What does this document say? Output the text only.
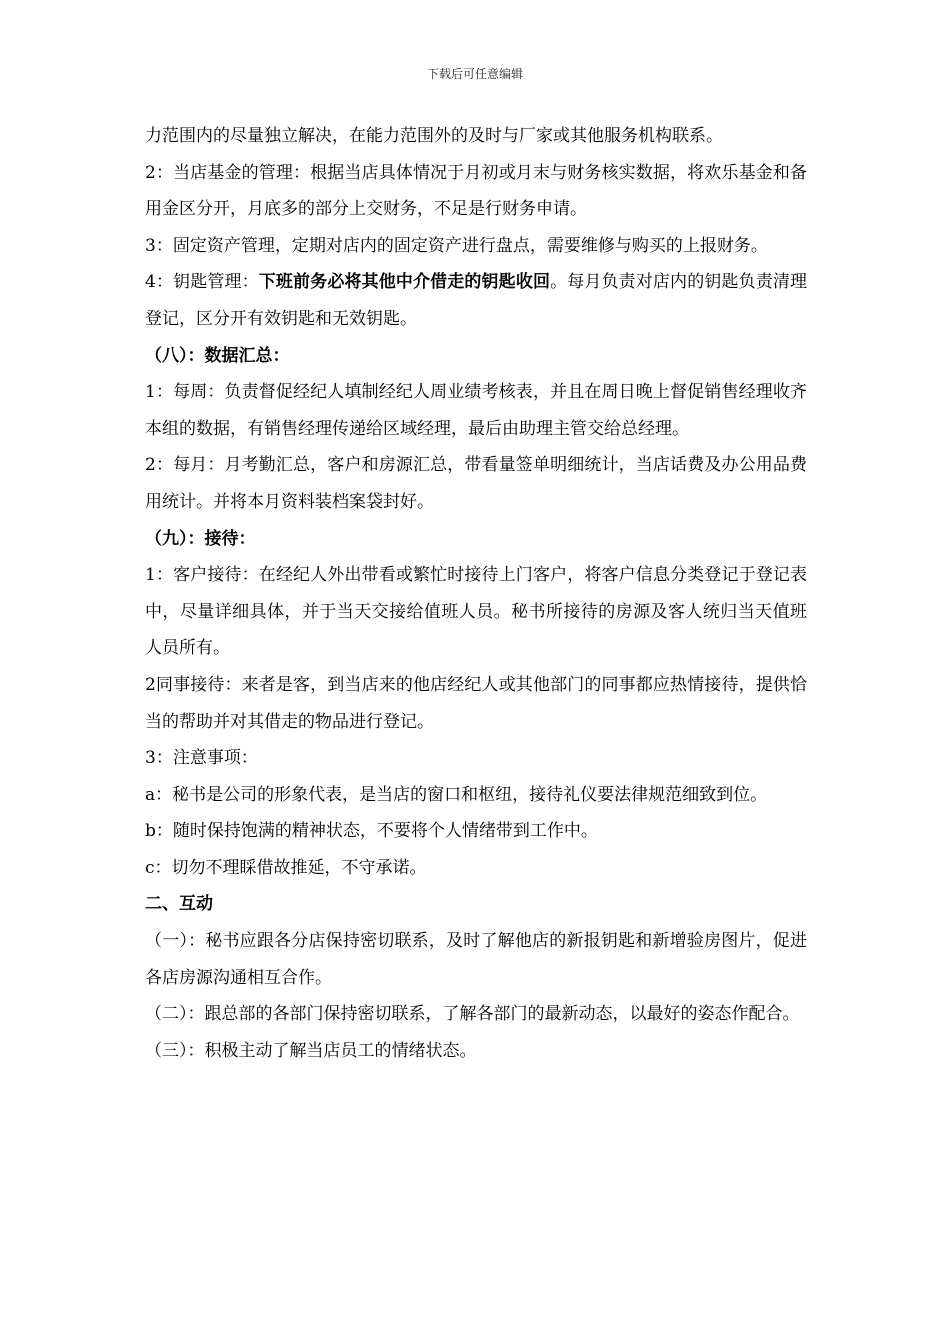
下载后可任意编辑

力范围内的尽量独立解决，在能力范围外的及时与厂家或其他服务机构联系。

2：当店基金的管理：根据当店具体情况于月初或月末与财务核实数据，将欢乐基金和备用金区分开，月底多的部分上交财务，不足是行财务申请。

3：固定资产管理，定期对店内的固定资产进行盘点，需要维修与购买的上报财务。

4：钥匙管理：下班前务必将其他中介借走的钥匙收回。每月负责对店内的钥匙负责清理登记，区分开有效钥匙和无效钥匙。

（八）：数据汇总：

1：每周：负责督促经纪人填制经纪人周业绩考核表，并且在周日晚上督促销售经理收齐本组的数据，有销售经理传递给区域经理，最后由助理主管交给总经理。

2：每月：月考勤汇总，客户和房源汇总，带看量签单明细统计，当店话费及办公用品费用统计。并将本月资料装档案袋封好。

（九）：接待：

1：客户接待：在经纪人外出带看或繁忙时接待上门客户，将客户信息分类登记于登记表中，尽量详细具体，并于当天交接给值班人员。秘书所接待的房源及客人统归当天值班人员所有。

2同事接待：来者是客，到当店来的他店经纪人或其他部门的同事都应热情接待，提供恰当的帮助并对其借走的物品进行登记。

3：注意事项：

a：秘书是公司的形象代表，是当店的窗口和枢纽，接待礼仪要法律规范细致到位。

b：随时保持饱满的精神状态，不要将个人情绪带到工作中。

c：切勿不理睬借故推延，不守承诺。

二、互动

（一）：秘书应跟各分店保持密切联系，及时了解他店的新报钥匙和新增验房图片，促进各店房源沟通相互合作。

（二）：跟总部的各部门保持密切联系，了解各部门的最新动态，以最好的姿态作配合。

（三）：积极主动了解当店员工的情绪状态。
